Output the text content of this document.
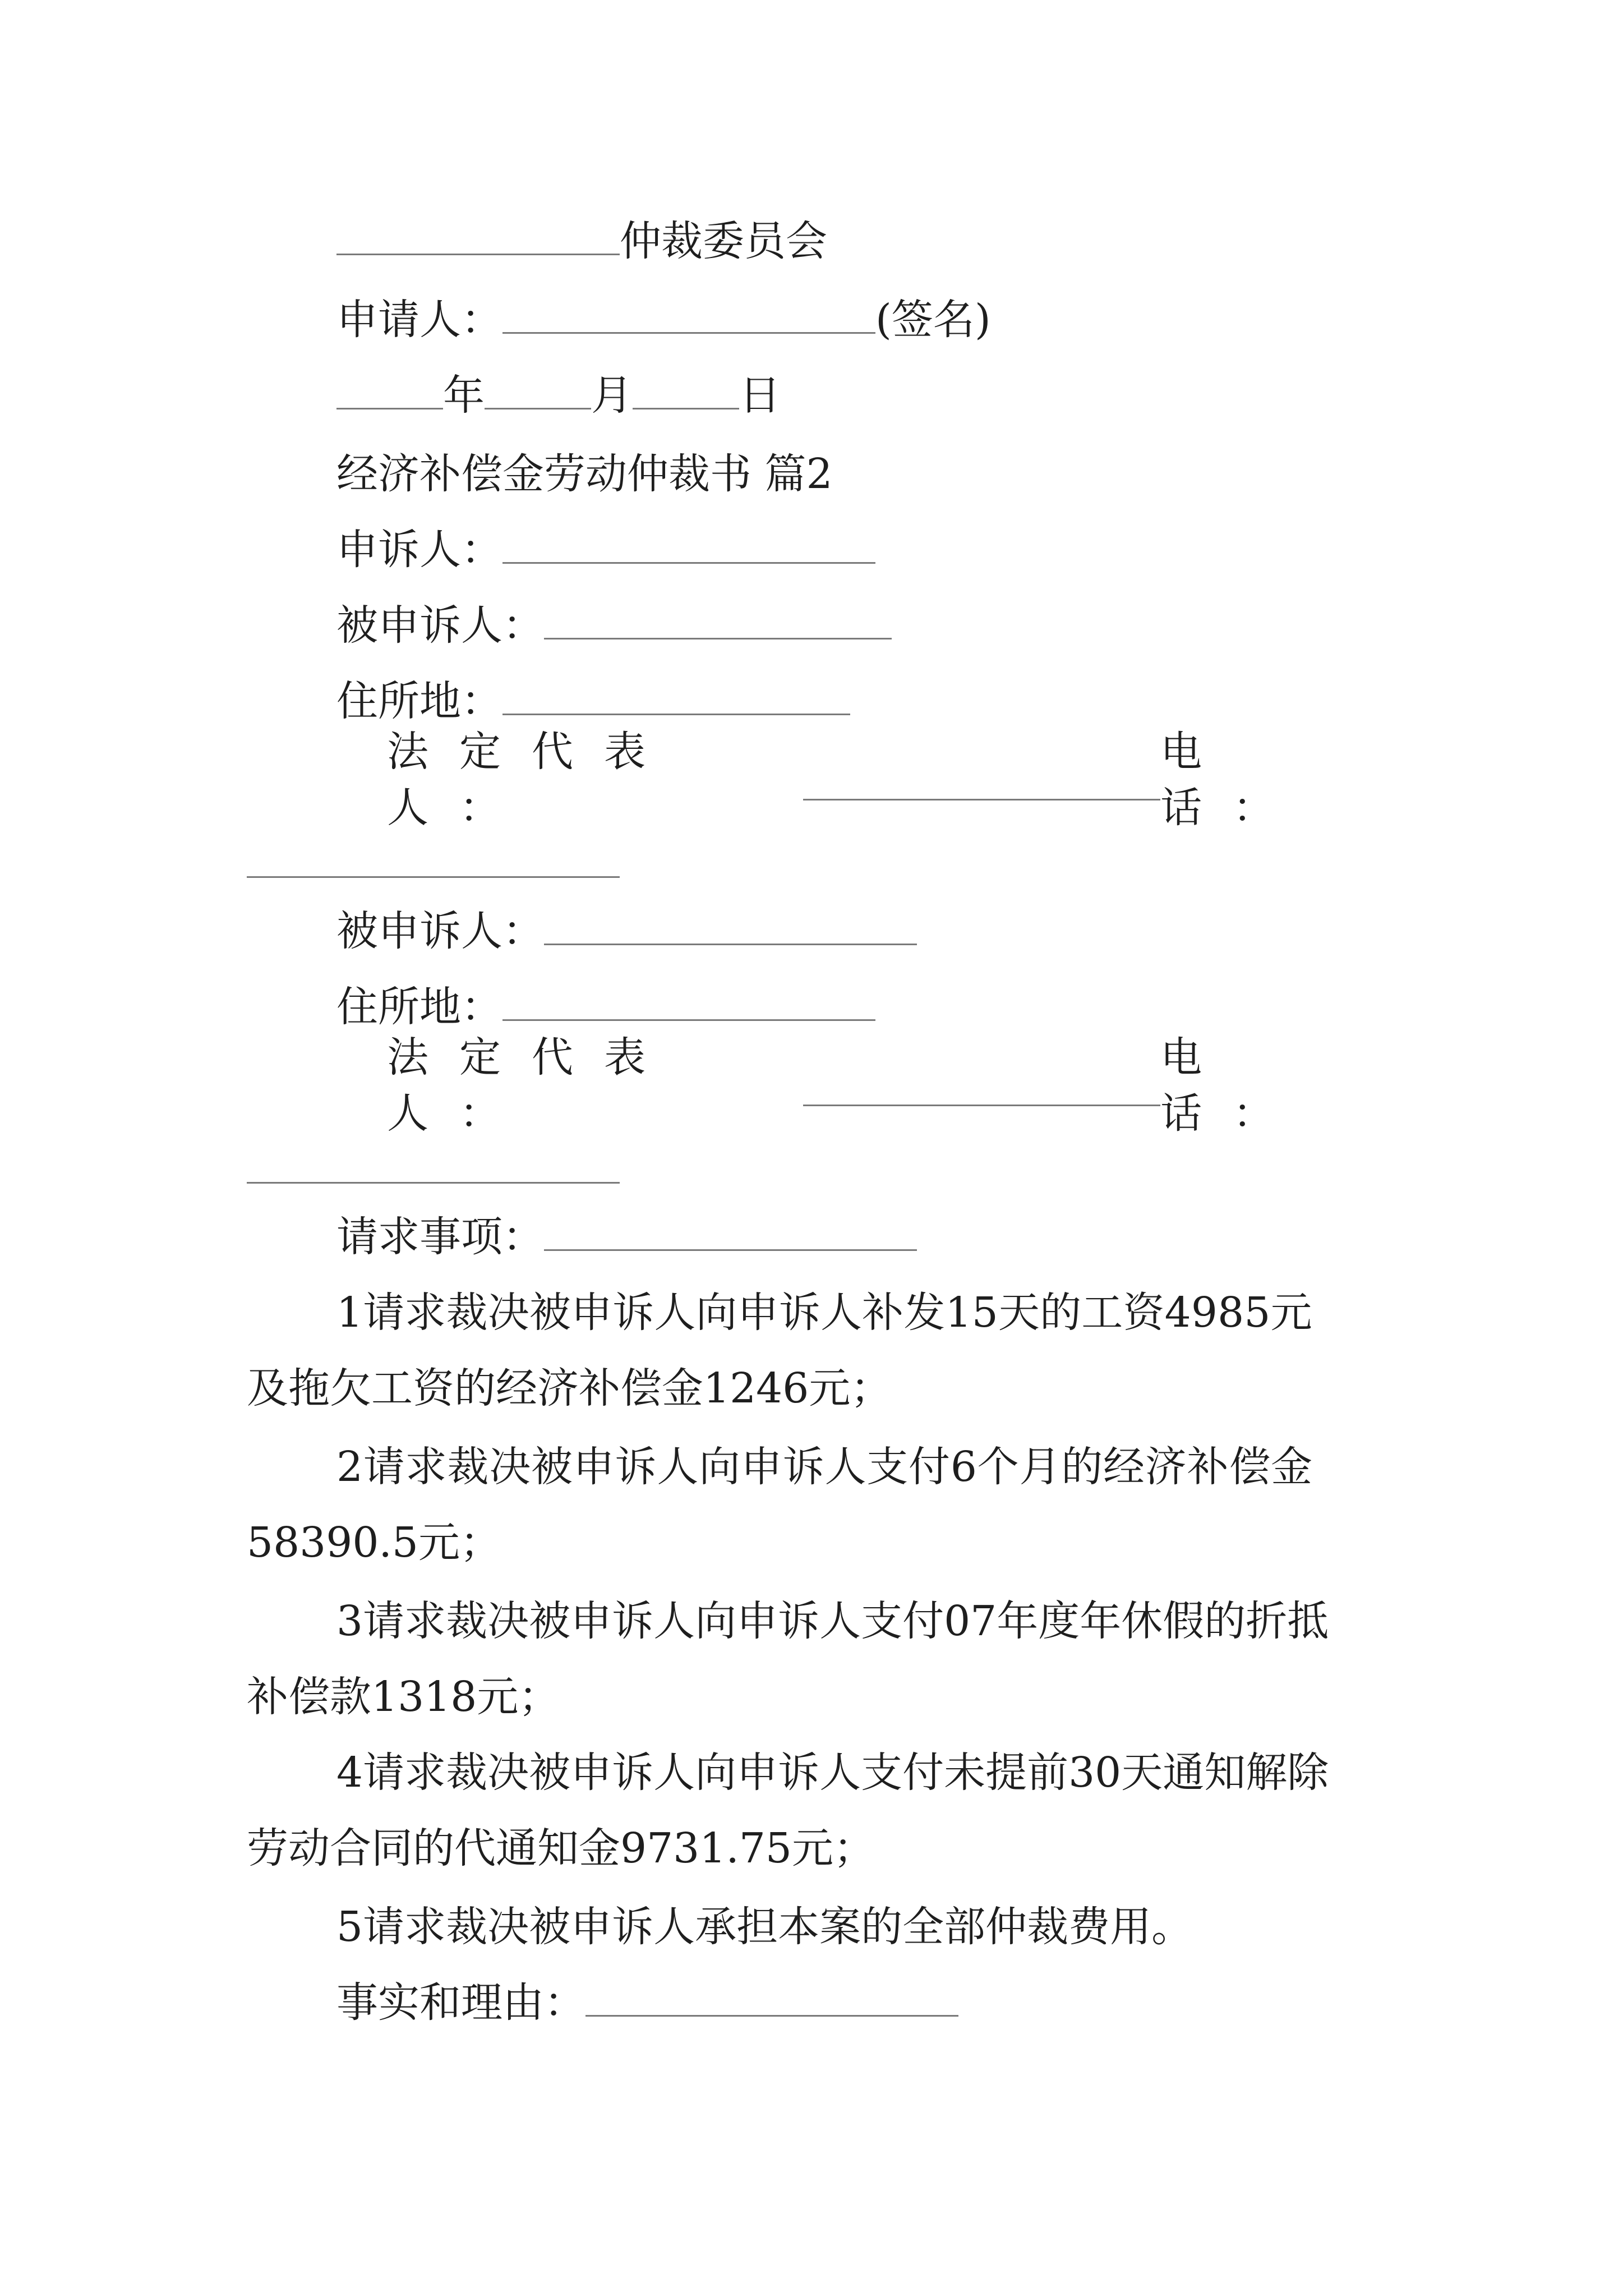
仲裁委员会
申请人：	(签名)
年	月	日
经济补偿金劳动仲裁书 篇2
申诉人：
被申诉人：
住所地：
法定代表人：
电话：
被申诉人：
住所地：
法定代表人：
电话：
请求事项：
1请求裁决被申诉人向申诉人补发15天的工资4985元
及拖欠工资的经济补偿金1246元；
2请求裁决被申诉人向申诉人支付6个月的经济补偿金
58390.5元；
3请求裁决被申诉人向申诉人支付07年度年休假的折抵
补偿款1318元；
4请求裁决被申诉人向申诉人支付未提前30天通知解除
劳动合同的代通知金9731.75元；
5请求裁决被申诉人承担本案的全部仲裁费用。
事实和理由：
